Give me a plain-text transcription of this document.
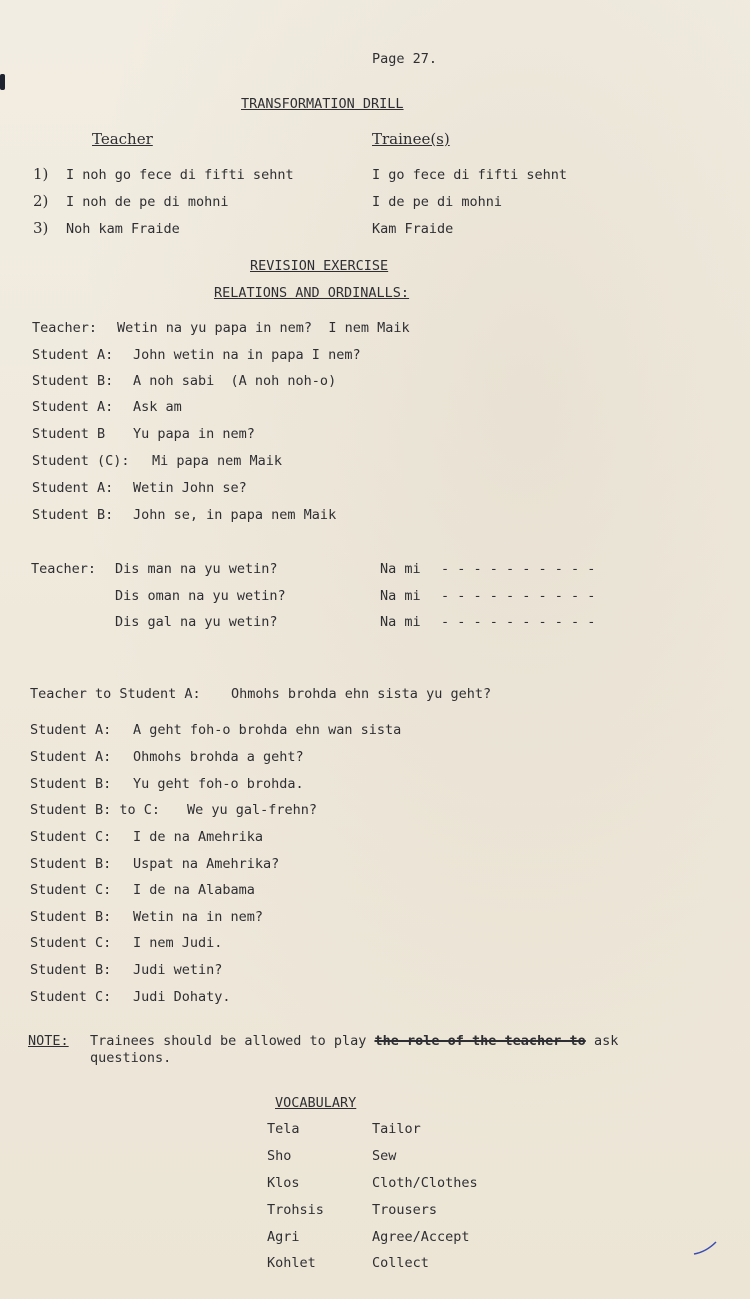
Page 27.
TRANSFORMATION DRILL
Teacher	Trainee(s)
1) I noh go fece di fifti sehnt	I go fece di fifti sehnt
2) I noh de pe di mohni	I de pe di mohni
3) Noh kam Fraide	Kam Fraide
REVISION EXERCISE
RELATIONS AND ORDINALLS:
Teacher: Wetin na yu papa in nem?  I nem Maik
Student A: John wetin na in papa I nem?
Student B: A noh sabi  (A noh noh-o)
Student A: Ask am
Student B Yu papa in nem?
Student (C): Mi papa nem Maik
Student A: Wetin John se?
Student B: John se, in papa nem Maik
Teacher: Dis man na yu wetin?	Na mi - - - - - - - - - -
Dis oman na yu wetin?	Na mi - - - - - - - - - -
Dis gal na yu wetin?	Na mi - - - - - - - - - -
Teacher to Student A: Ohmohs brohda ehn sista yu geht?
Student A: A geht foh-o brohda ehn wan sista
Student A: Ohmohs brohda a geht?
Student B: Yu geht foh-o brohda.
Student B: to C: We yu gal-frehn?
Student C: I de na Amehrika
Student B: Uspat na Amehrika?
Student C: I de na Alabama
Student B: Wetin na in nem?
Student C: I nem Judi.
Student B: Judi wetin?
Student C: Judi Dohaty.
NOTE: Trainees should be allowed to play the role of the teacher to ask
questions.
VOCABULARY
Tela	Tailor
Sho	Sew
Klos	Cloth/Clothes
Trohsis	Trousers
Agri	Agree/Accept
Kohlet	Collect
